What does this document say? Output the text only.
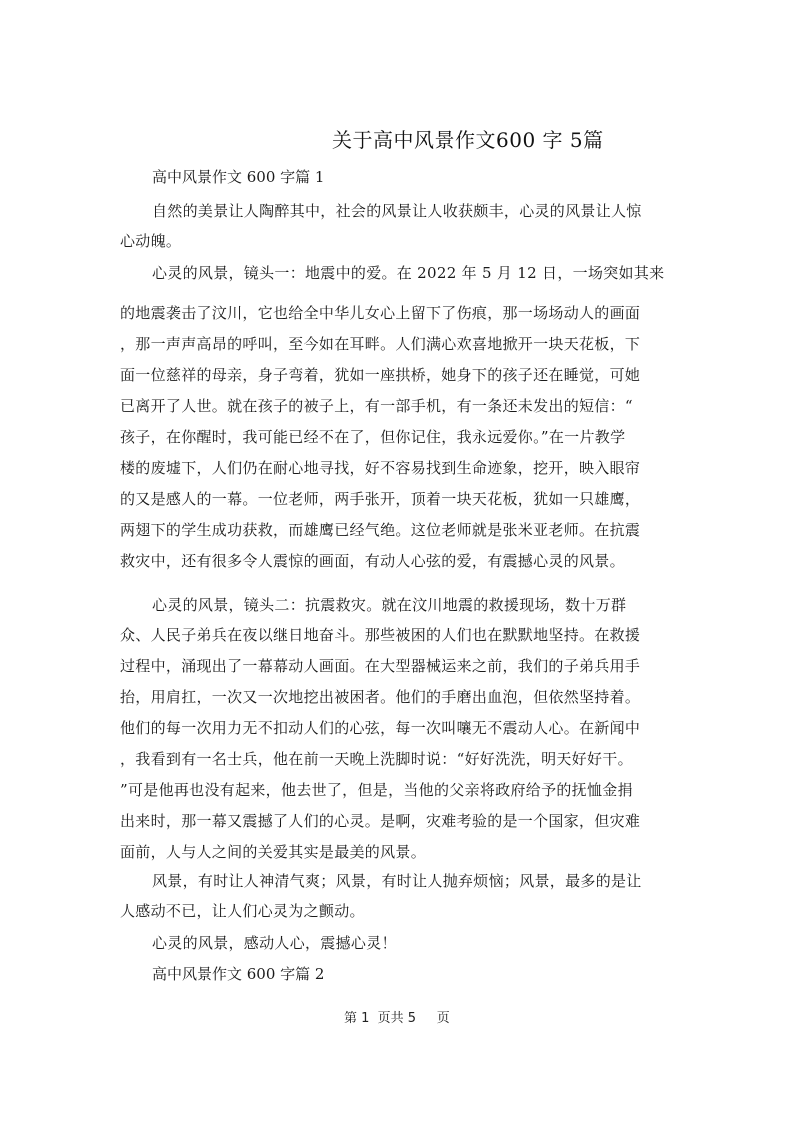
关于高中风景作文600 字 5篇
高中风景作文 600 字篇 1
自然的美景让人陶醉其中，社会的风景让人收获颇丰，心灵的风景让人惊
心动魄。
心灵的风景，镜头一：地震中的爱。在 2022 年 5 月 12 日，一场突如其来
的地震袭击了汶川，它也给全中华儿女心上留下了伤痕，那一场场动人的画面
，那一声声高昂的呼叫，至今如在耳畔。人们满心欢喜地掀开一块天花板，下
面一位慈祥的母亲，身子弯着，犹如一座拱桥，她身下的孩子还在睡觉，可她
已离开了人世。就在孩子的被子上，有一部手机，有一条还未发出的短信：“
孩子，在你醒时，我可能已经不在了，但你记住，我永远爱你。”在一片教学
楼的废墟下，人们仍在耐心地寻找，好不容易找到生命迹象，挖开，映入眼帘
的又是感人的一幕。一位老师，两手张开，顶着一块天花板，犹如一只雄鹰，
两翅下的学生成功获救，而雄鹰已经气绝。这位老师就是张米亚老师。在抗震
救灾中，还有很多令人震惊的画面，有动人心弦的爱，有震撼心灵的风景。
心灵的风景，镜头二：抗震救灾。就在汶川地震的救援现场，数十万群
众、人民子弟兵在夜以继日地奋斗。那些被困的人们也在默默地坚持。在救援
过程中，涌现出了一幕幕动人画面。在大型器械运来之前，我们的子弟兵用手
抬，用肩扛，一次又一次地挖出被困者。他们的手磨出血泡，但依然坚持着。
他们的每一次用力无不扣动人们的心弦，每一次叫嚷无不震动人心。在新闻中
，我看到有一名士兵，他在前一天晚上洗脚时说：“好好洗洗，明天好好干。
”可是他再也没有起来，他去世了，但是，当他的父亲将政府给予的抚恤金捐
出来时，那一幕又震撼了人们的心灵。是啊，灾难考验的是一个国家，但灾难
面前，人与人之间的关爱其实是最美的风景。
风景，有时让人神清气爽；风景，有时让人抛弃烦恼；风景，最多的是让
人感动不已，让人们心灵为之颤动。
心灵的风景，感动人心，震撼心灵！
高中风景作文 600 字篇 2
第 1  页共 5 页
